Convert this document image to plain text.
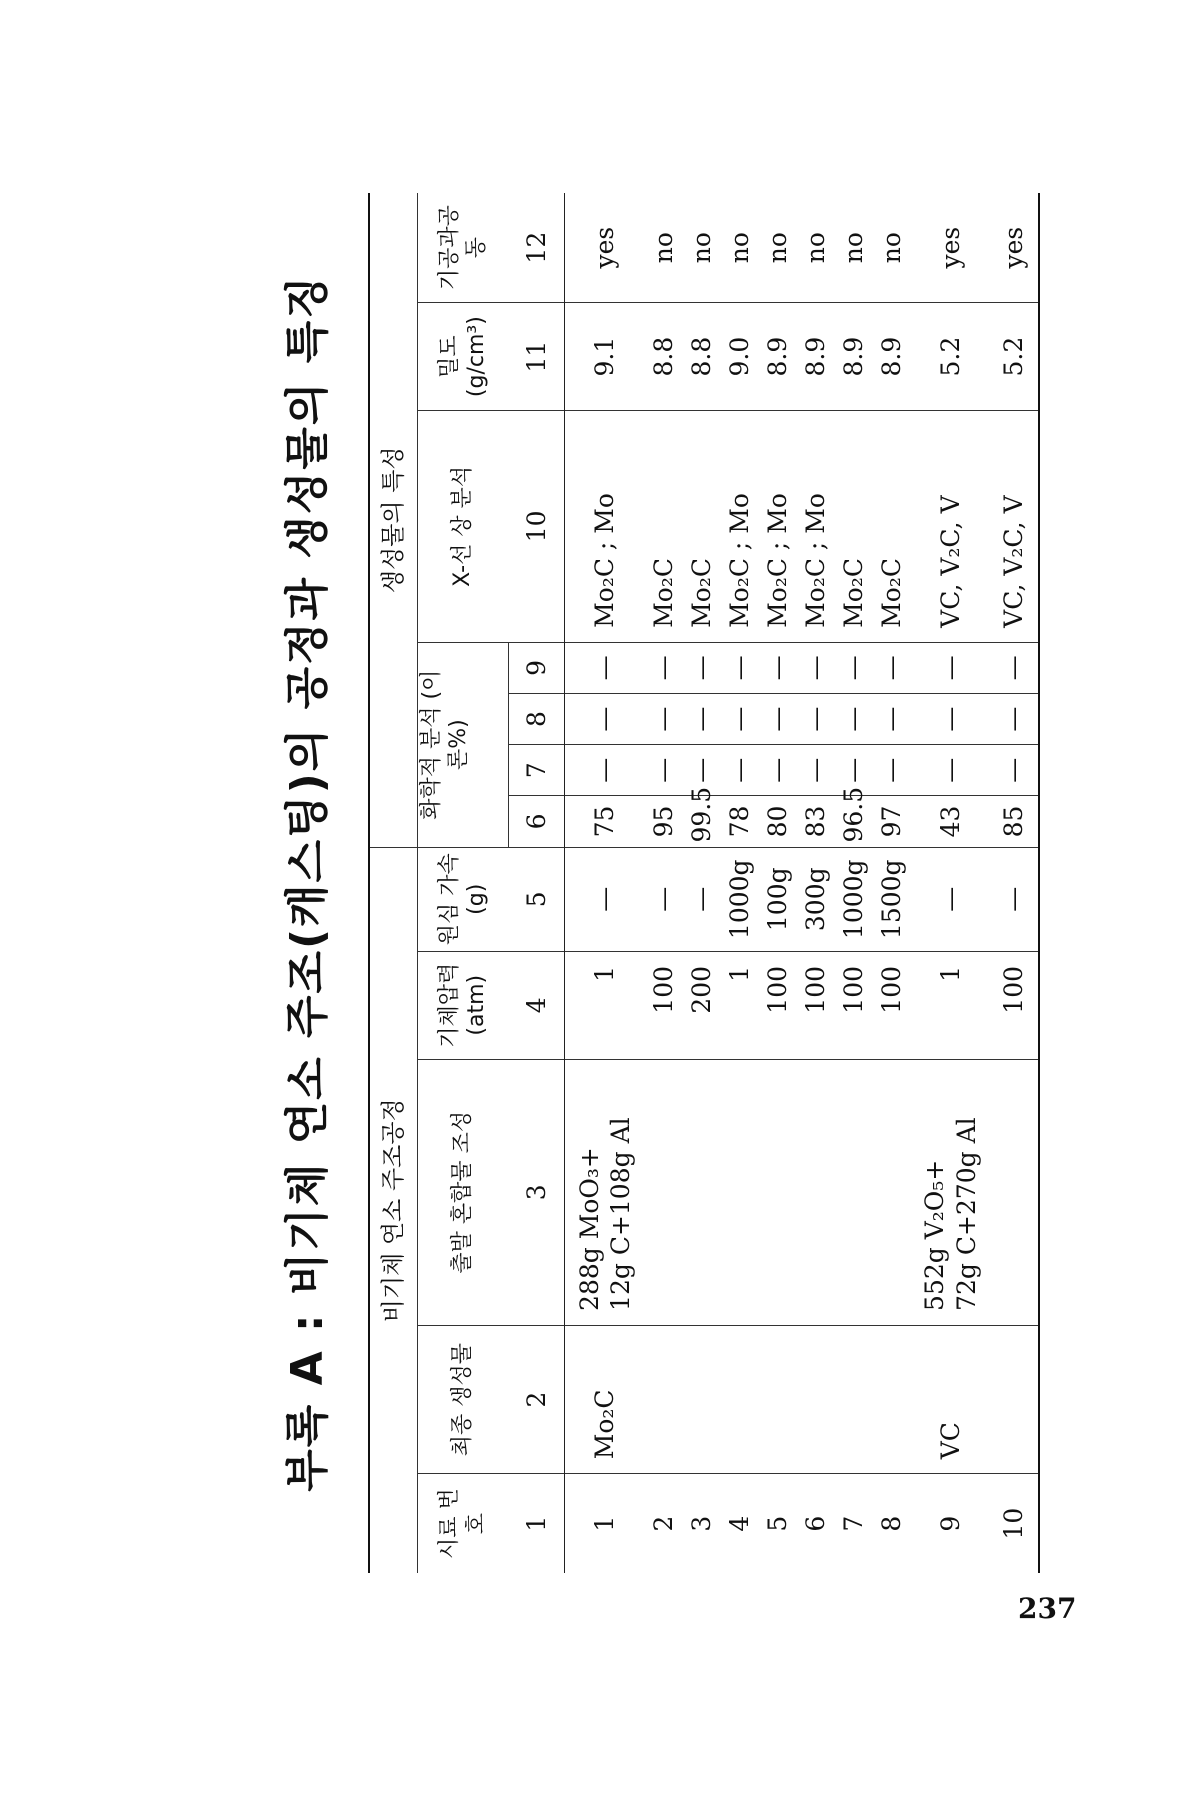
부록 A : 비기체 연소 주조(캐스팅)의 공정과 생성물의 특징	비기체 연소 주조공정					생성물의 특성						
시료 번호	최종 생성물	출발 혼합물 조성	기체압력 (atm)	원심 가속 (g)	화학적 분석 (이론%)				X-선 상 분석	밀도 (g/cm³)	기공과공동

1	2	3	4	5	6	7	8	9	10	11	12
1	Mo₂C	288g MoO₃+ 12g C+108g Al	1	—	75	—	—	—	Mo₂C ; Mo	9.1	yes
2			100	—	95	—	—	—	Mo₂C	8.8	no
3			200	—	99.5	—	—	—	Mo₂C	8.8	no
4			1	1000g	78	—	—	—	Mo₂C ; Mo	9.0	no
5			100	100g	80	—	—	—	Mo₂C ; Mo	8.9	no
6			100	300g	83	—	—	—	Mo₂C ; Mo	8.9	no
7			100	1000g	96.5	—	—	—	Mo₂C	8.9	no
8			100	1500g	97	—	—	—	Mo₂C	8.9	no
9	VC	552g V₂O₅+ 72g C+270g Al	1	—	43	—	—	—	VC, V₂C, V	5.2	yes
10			100	—	85	—	—	—	VC, V₂C, V	5.2	yes
237
